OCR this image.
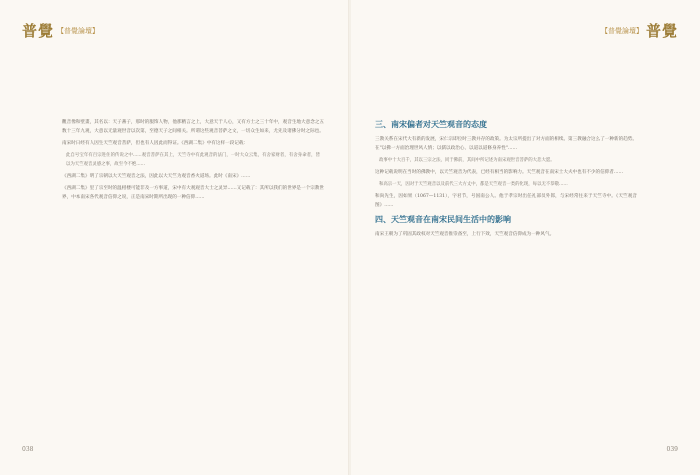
普覺 【普覺論壇】

觀音像和壁畫，其名以：天子蕃子，那时的服饰人物，他那精言之上，大意天于人心，又有方士之三十年中，观音生地大意念之五数十三年九观，大意以无量观世音以次第，至德天子之间相关。所谓这些观音菩萨之文，一切众生如来，尤先及诸佛分时之际也。

南宋时日经有人因生天竺观音菩萨，但也有人因此而得证。《西湖二集》中有这样一段记载：

此自号宝年有百宗进住的传说之中……观音菩萨在其上，天竺寺中有此观音的法门，一时大众云集，有舍家财者，有舍身命者，皆以为天竺观音灵感之事，故至今不绝……

《西湖二集》明了宗朝以大天竺观音之法，因此以大天竺为观音香火道场。此时《南宋》……

《西湖二集》里了宗至时的温柑楼可能非及一方事道，宋中有大观观音大士之灵异……又记载了：其所以我们的世界是一个宗教世界，中本南宋各代观音信仰之说，正是南宋时期所出现的一种信仰……

038
【普覺論壇】 普覺
三、南宋偏者对天竺观音的态度

三教关系在宋代大有新的发展，宋仁宗即位时三教并存的政策。为太宗所提出了对方面的相续。第三教融合这么了一种新的趋势。在"以佛一方面治理世风人情；以儒以政治心、以道以道修身养性"……

政事中十大百千，其以三宗之法，同于佛前，其间中所记述为南宋观世音菩萨的大悲大愿。

这种记载说明在当时的佛教中，以天竺观音为代表，已经有相当的影响力。天竺观音在南宋士大夫中也有不少的信仰者……

和高宗一天，因对于天竺观音以及前代三大方丈中，都是天竺观音一类的化现，每以无不恭敬……

和尚先生，因如果（1067—1131），字君节，号国南公人。他于孝宗时出任礼部员外郎，与宋经常往来于天竺寺中。《天竺观音图》……

四、天竺观音在南宋民间生活中的影响

南宋王朝为了巩固其政权对天竺观音推崇备至，上行下效，天竺观音信仰成为一种风气。

039
